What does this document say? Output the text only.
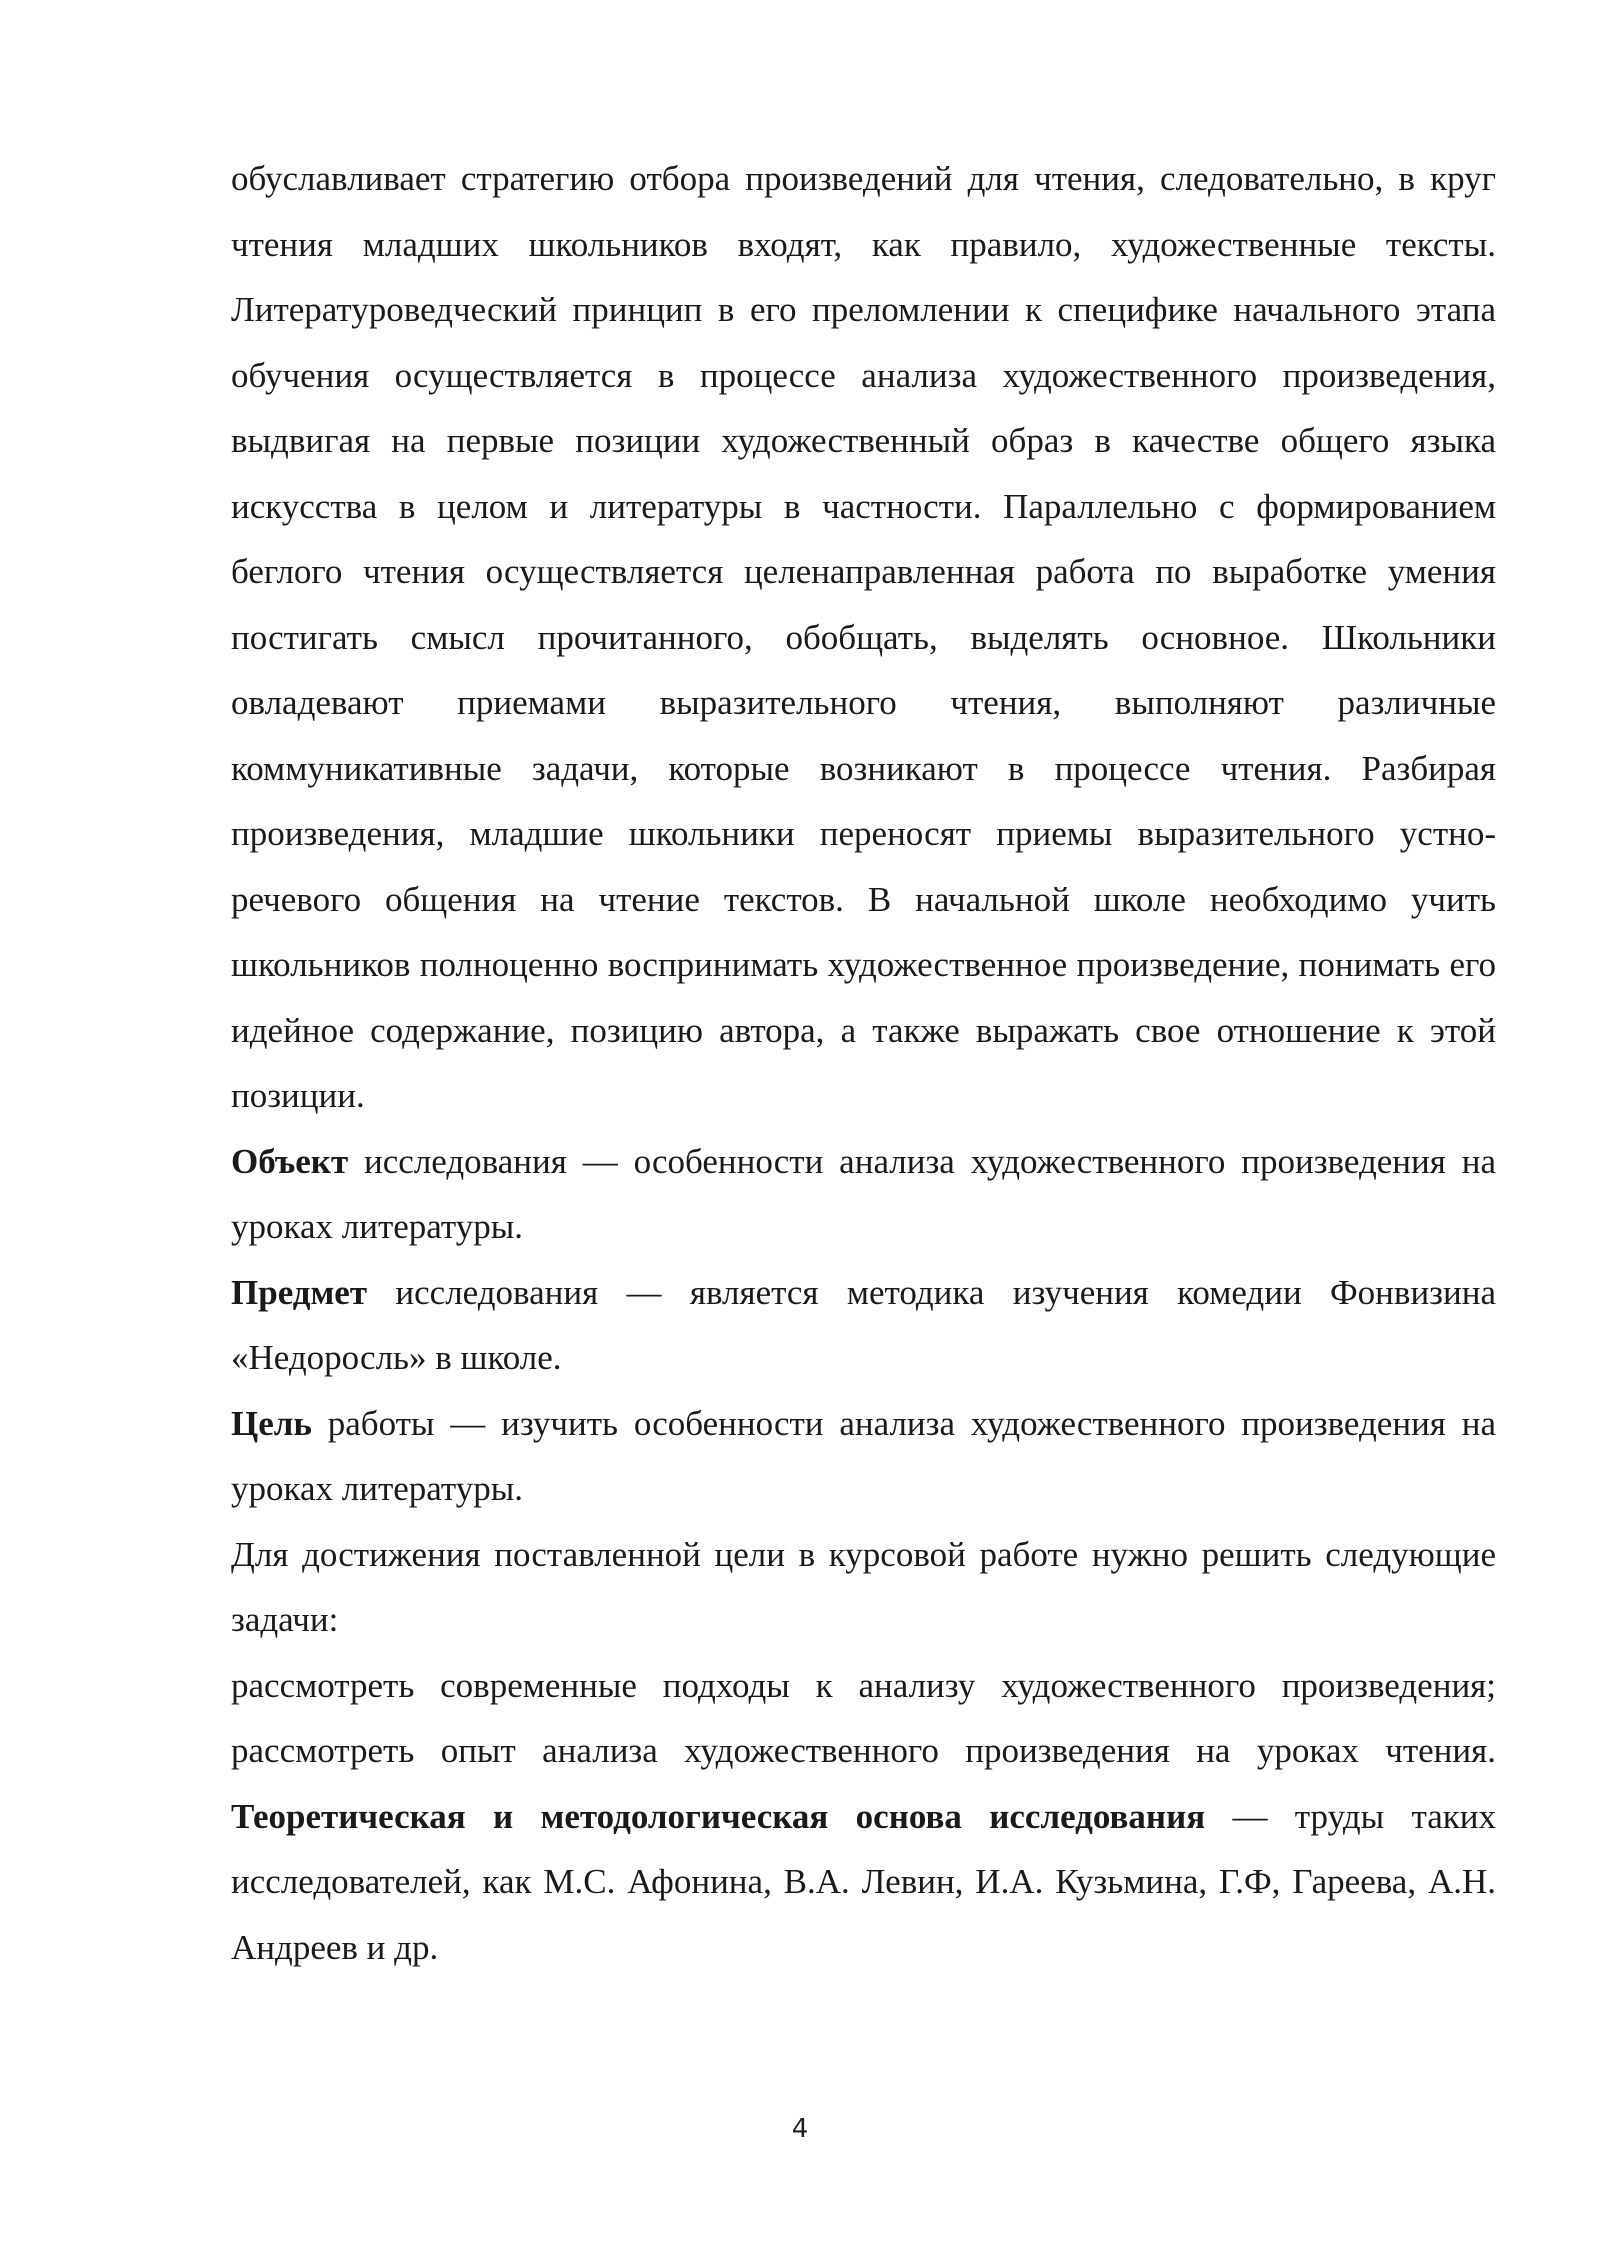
обуславливает стратегию отбора произведений для чтения, следовательно, в круг чтения младших школьников входят, как правило, художественные тексты. Литературоведческий принцип в его преломлении к специфике начального этапа обучения осуществляется в процессе анализа художественного произведения, выдвигая на первые позиции художественный образ в качестве общего языка искусства в целом и литературы в частности. Параллельно с формированием беглого чтения осуществляется целенаправленная работа по выработке умения постигать смысл прочитанного, обобщать, выделять основное. Школьники овладевают приемами выразительного чтения, выполняют различные коммуникативные задачи, которые возникают в процессе чтения. Разбирая произведения, младшие школьники переносят приемы выразительного устно-речевого общения на чтение текстов. В начальной школе необходимо учить школьников полноценно воспринимать художественное произведение, понимать его идейное содержание, позицию автора, а также выражать свое отношение к этой позиции.

Объект исследования — особенности анализа художественного произведения на уроках литературы.

Предмет исследования — является методика изучения комедии Фонвизина «Недоросль» в школе.

Цель работы — изучить особенности анализа художественного произведения на уроках литературы.

Для достижения поставленной цели в курсовой работе нужно решить следующие задачи:

рассмотреть современные подходы к анализу художественного произведения; рассмотреть опыт анализа художественного произведения на уроках чтения. Теоретическая и методологическая основа исследования — труды таких исследователей, как М.С. Афонина, В.А. Левин, И.А. Кузьмина, Г.Ф, Гареева, А.Н. Андреев и др.

4
